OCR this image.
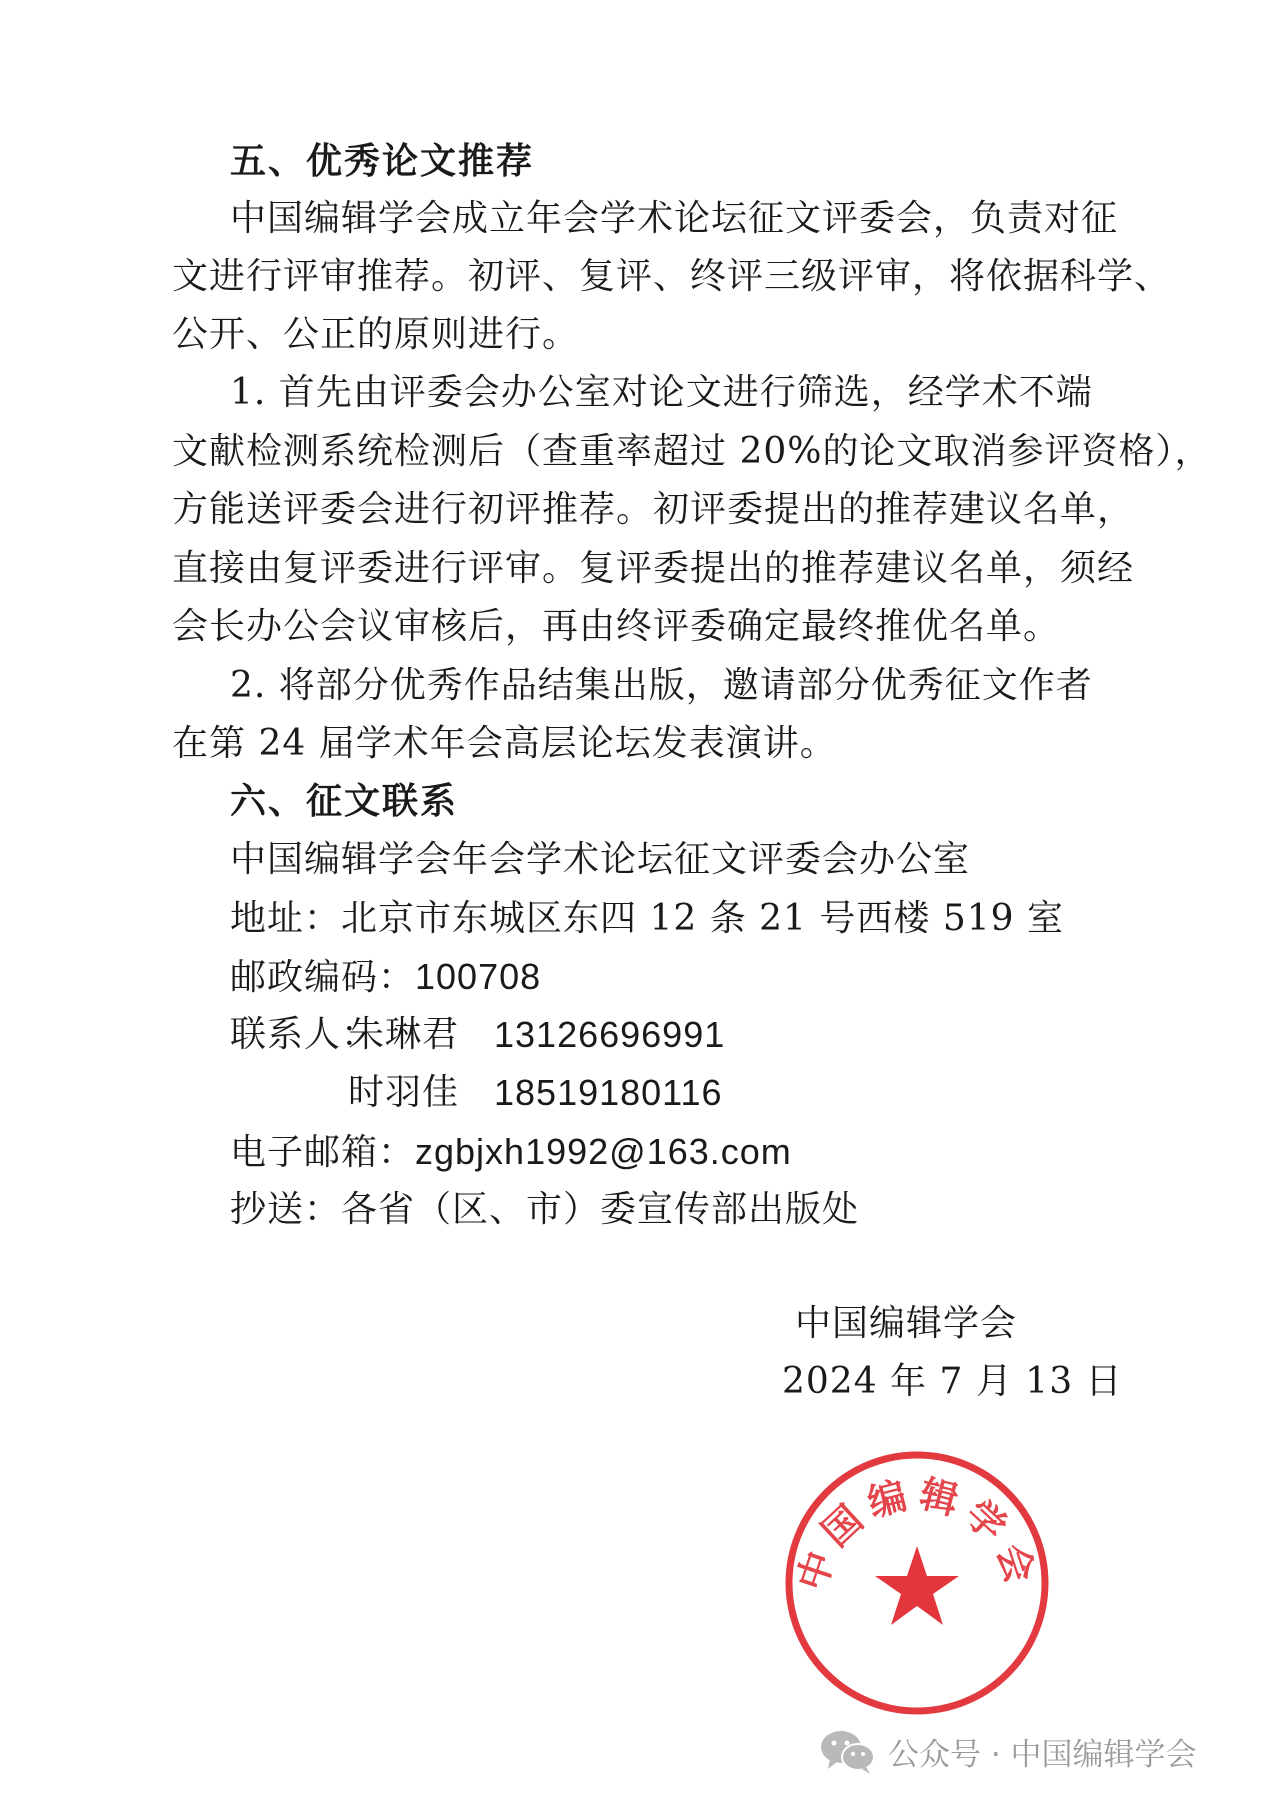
五、优秀论文推荐
中国编辑学会成立年会学术论坛征文评委会，负责对征
文进行评审推荐。初评、复评、终评三级评审，将依据科学、
公开、公正的原则进行。
1. 首先由评委会办公室对论文进行筛选，经学术不端
文献检测系统检测后（查重率超过 20%的论文取消参评资格），
方能送评委会进行初评推荐。初评委提出的推荐建议名单，
直接由复评委进行评审。复评委提出的推荐建议名单，须经
会长办公会议审核后，再由终评委确定最终推优名单。
2. 将部分优秀作品结集出版，邀请部分优秀征文作者
在第 24 届学术年会高层论坛发表演讲。
六、征文联系
中国编辑学会年会学术论坛征文评委会办公室
地址：北京市东城区东四 12 条 21 号西楼 519 室
邮政编码：100708
联系人：
朱琳君 13126696991
时羽佳 18519180116
电子邮箱：zgbjxh1992@163.com
抄送：各省（区、市）委宣传部出版处
中国编辑学会
中国编辑学会
2024 年 7 月 13 日
公众号 · 中国编辑学会
